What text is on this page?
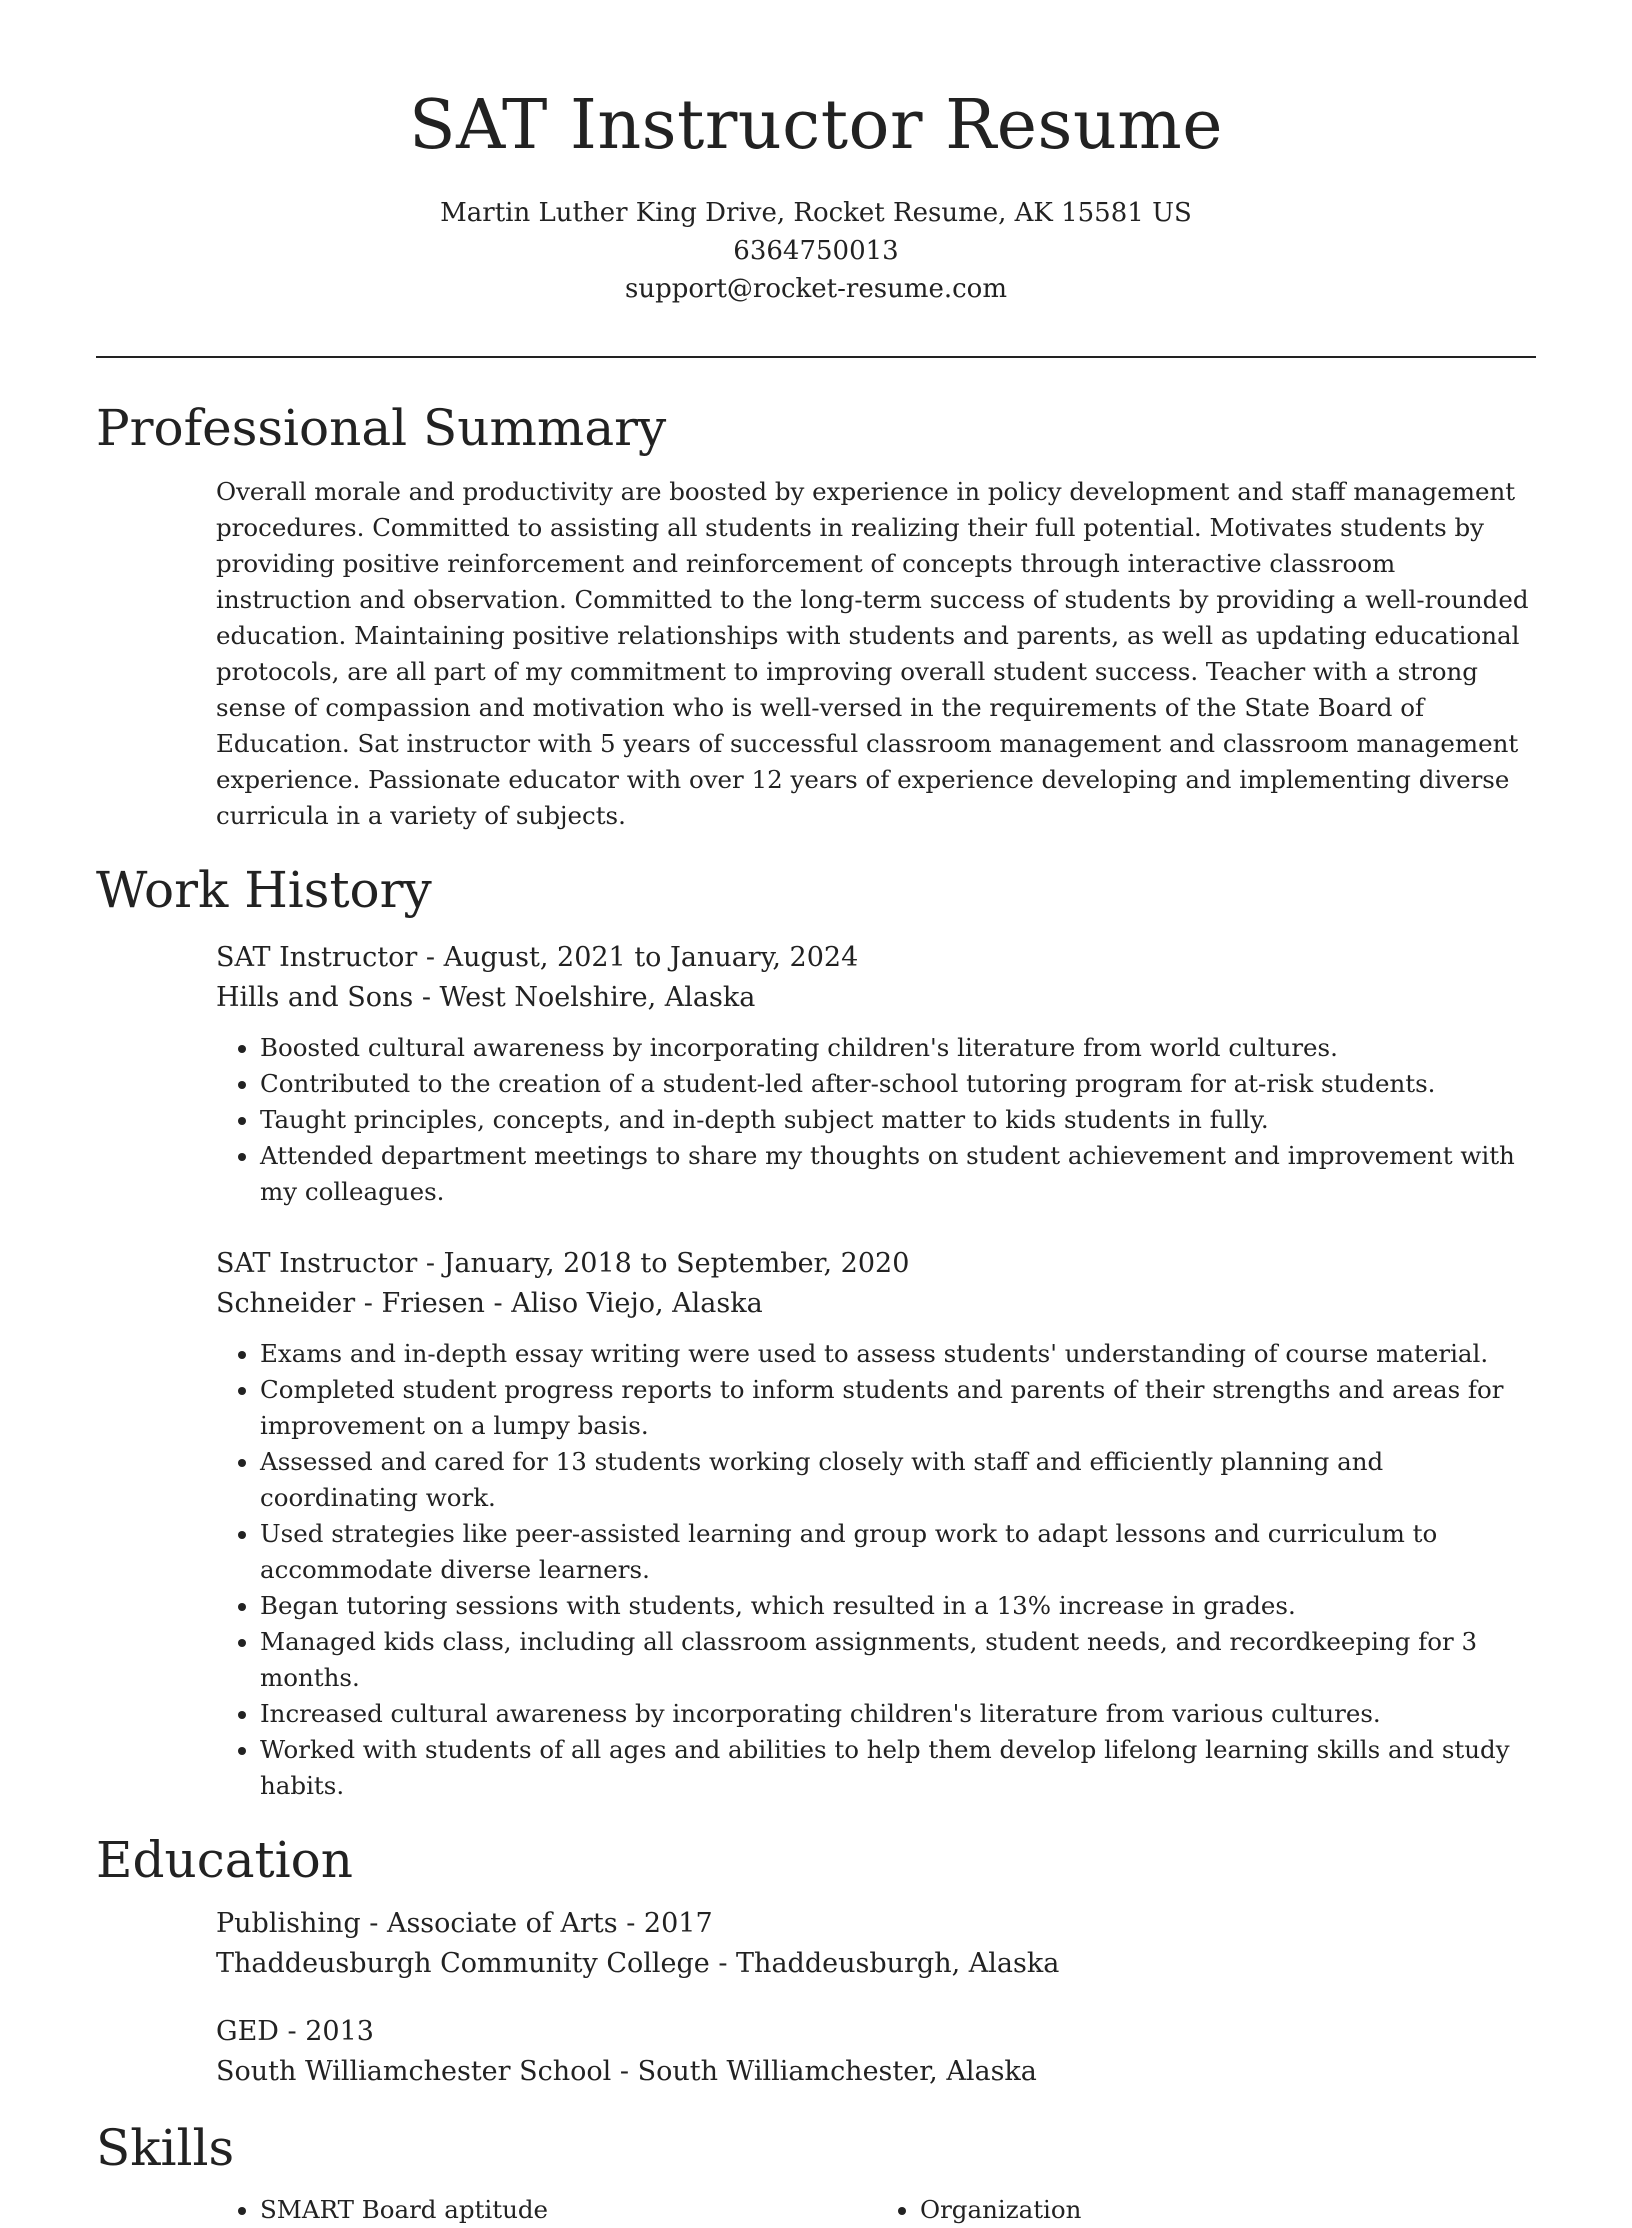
SAT Instructor Resume
Martin Luther King Drive, Rocket Resume, AK 15581 US
6364750013
support@rocket-resume.com
Professional Summary

Overall morale and productivity are boosted by experience in policy development and staff management procedures. Committed to assisting all students in realizing their full potential. Motivates students by providing positive reinforcement and reinforcement of concepts through interactive classroom instruction and observation. Committed to the long-term success of students by providing a well-rounded education. Maintaining positive relationships with students and parents, as well as updating educational protocols, are all part of my commitment to improving overall student success. Teacher with a strong sense of compassion and motivation who is well-versed in the requirements of the State Board of Education. Sat instructor with 5 years of successful classroom management and classroom management experience. Passionate educator with over 12 years of experience developing and implementing diverse curricula in a variety of subjects.

Work History

SAT Instructor - August, 2021 to January, 2024

Hills and Sons - West Noelshire, Alaska

• Boosted cultural awareness by incorporating children's literature from world cultures.
• Contributed to the creation of a student-led after-school tutoring program for at-risk students.
• Taught principles, concepts, and in-depth subject matter to kids students in fully.
• Attended department meetings to share my thoughts on student achievement and improvement with my colleagues.

SAT Instructor - January, 2018 to September, 2020

Schneider - Friesen - Aliso Viejo, Alaska

• Exams and in-depth essay writing were used to assess students' understanding of course material.
• Completed student progress reports to inform students and parents of their strengths and areas for improvement on a lumpy basis.
• Assessed and cared for 13 students working closely with staff and efficiently planning and coordinating work.
• Used strategies like peer-assisted learning and group work to adapt lessons and curriculum to accommodate diverse learners.
• Began tutoring sessions with students, which resulted in a 13% increase in grades.
• Managed kids class, including all classroom assignments, student needs, and recordkeeping for 3 months.
• Increased cultural awareness by incorporating children's literature from various cultures.
• Worked with students of all ages and abilities to help them develop lifelong learning skills and study habits.
Education

Publishing - Associate of Arts - 2017

Thaddeusburgh Community College - Thaddeusburgh, Alaska

GED - 2013

South Williamchester School - South Williamchester, Alaska

Skills
• SMART Board aptitude
•	Organization
